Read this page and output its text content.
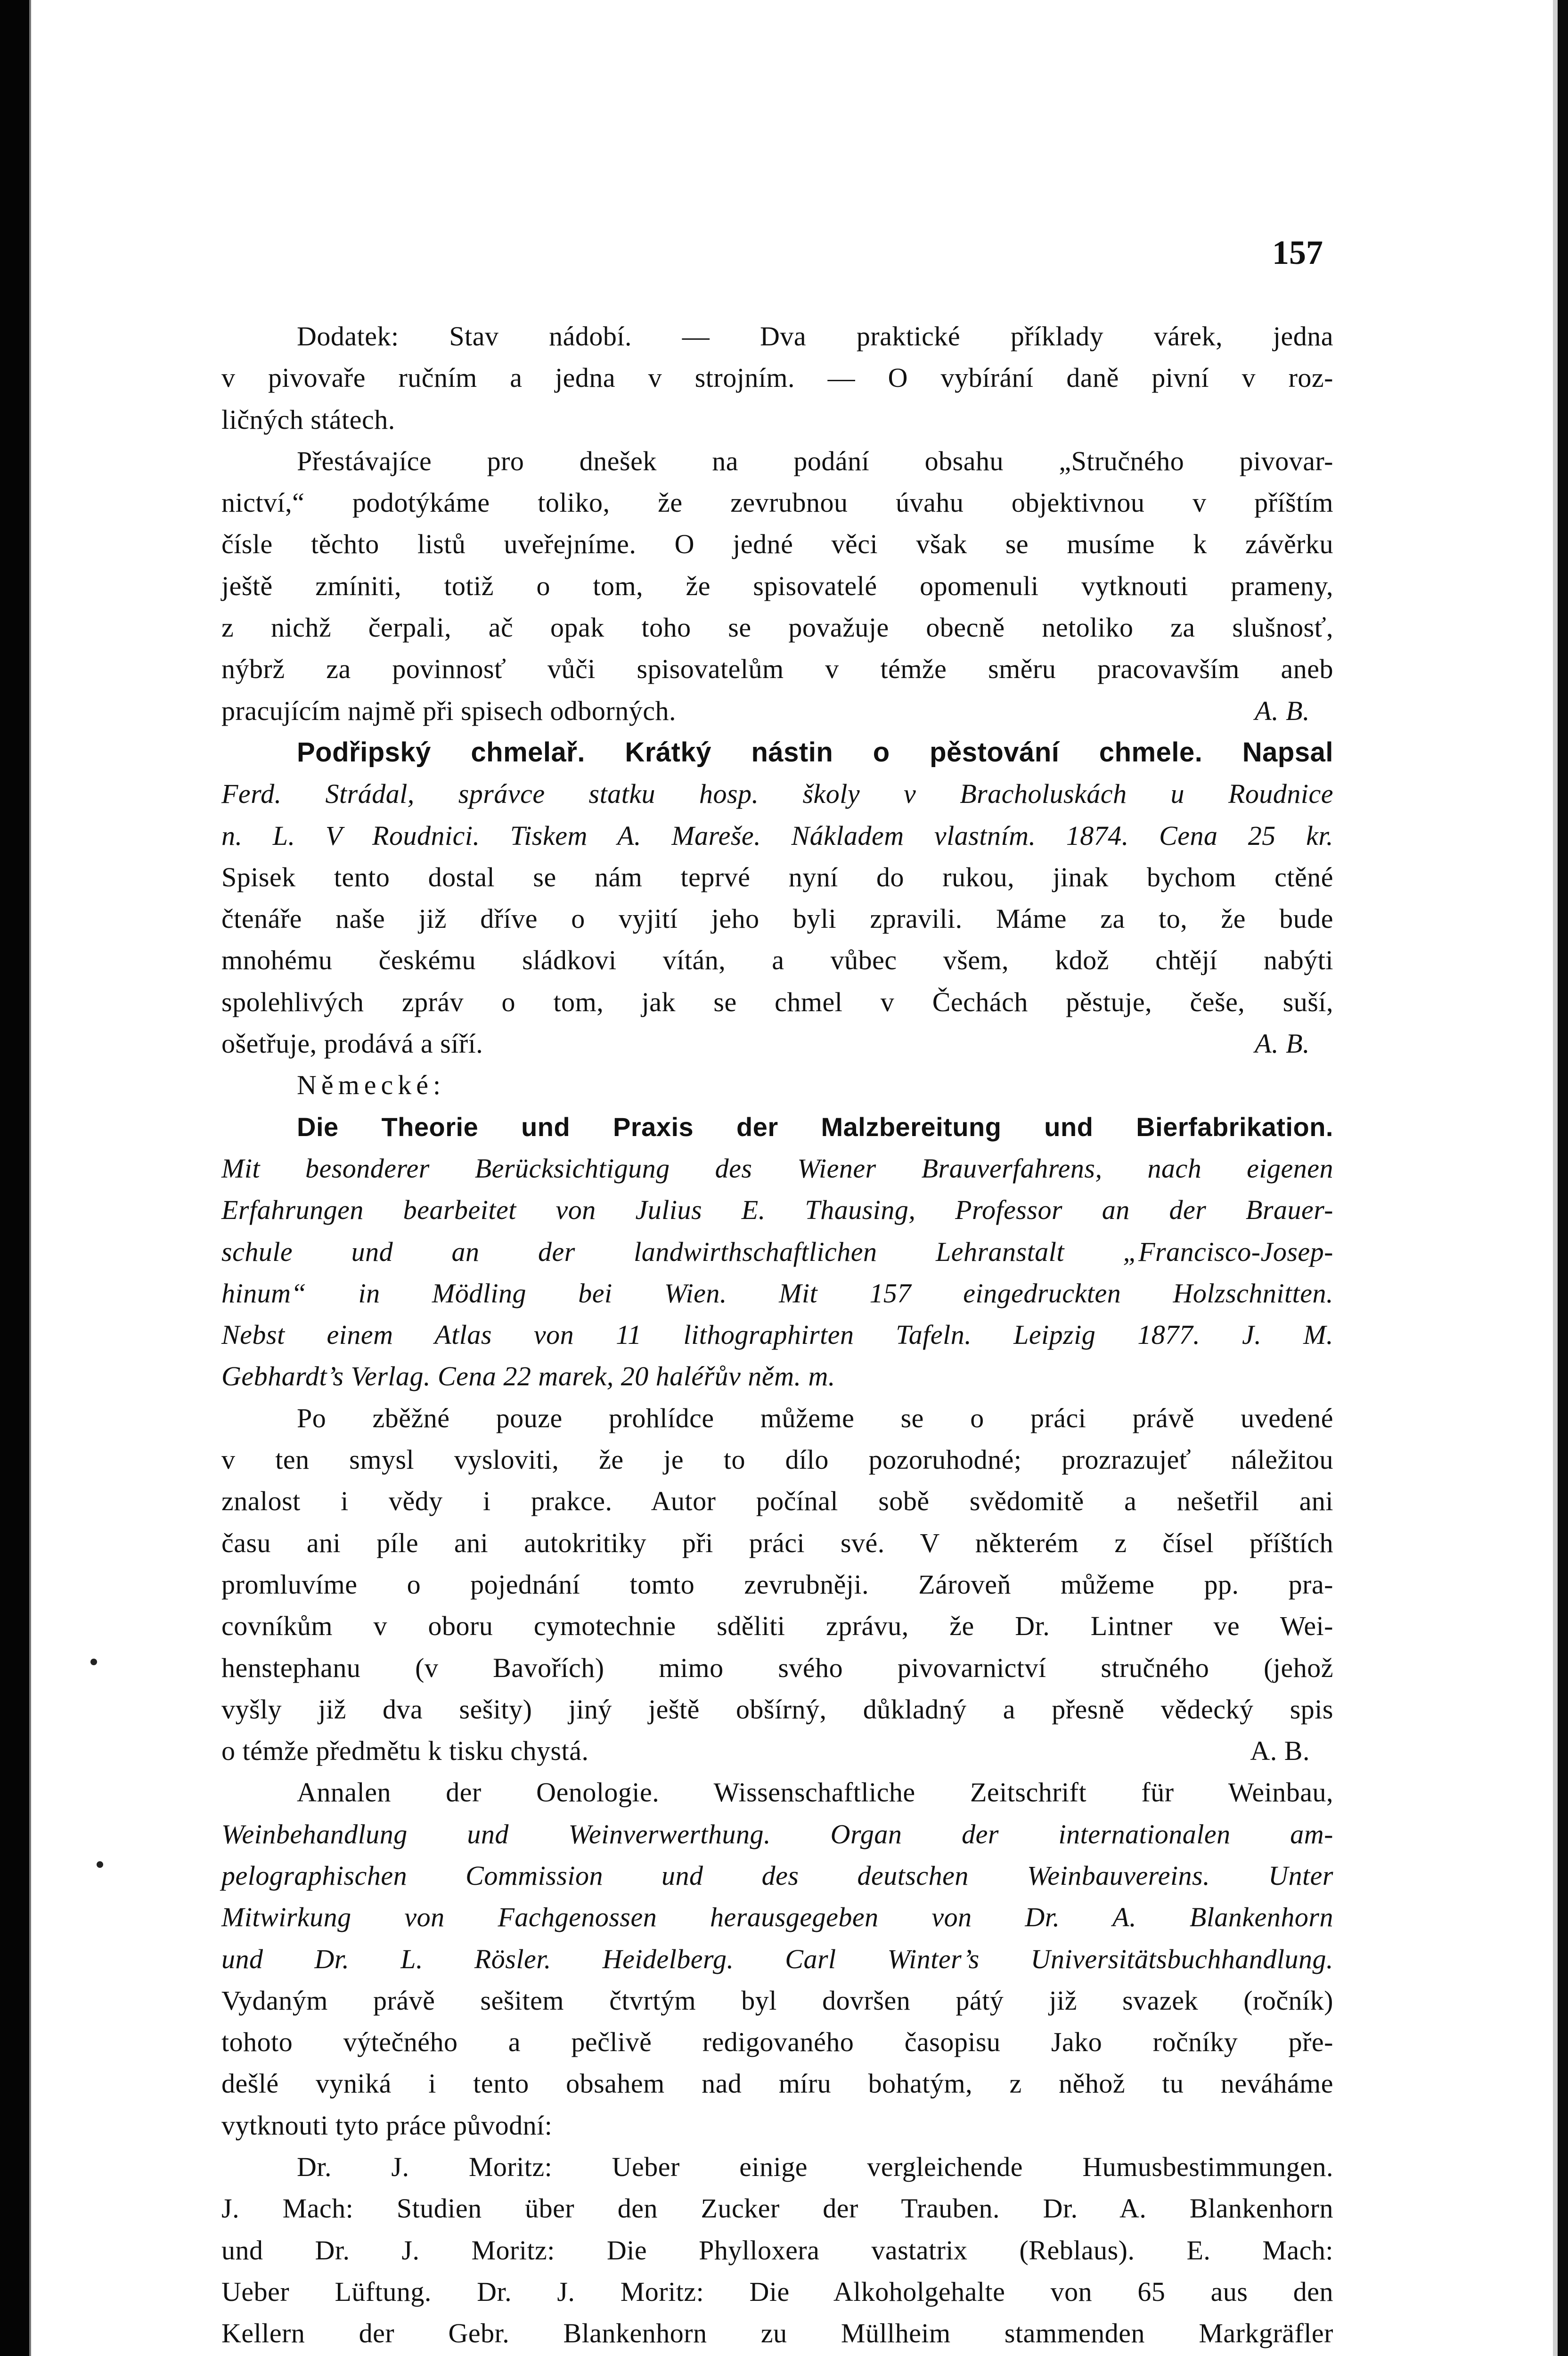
157

Dodatek: Stav nádobí. — Dva praktické příklady várek, jedna

v pivovaře ručním a jedna v strojním. — O vybírání daně pivní v roz-

ličných státech.

Přestávajíce pro dnešek na podání obsahu „Stručného pivovar-

nictví,“ podotýkáme toliko, že zevrubnou úvahu objektivnou v příštím

čísle těchto listů uveřejníme. O jedné věci však se musíme k závěrku

ještě zmíniti, totiž o tom, že spisovatelé opomenuli vytknouti prameny,

z nichž čerpali, ač opak toho se považuje obecně netoliko za slušnosť,

nýbrž za povinnosť vůči spisovatelům v témže směru pracovavším aneb

pracujícím najmě při spisech odborných.	A. B.

Podřipský chmelař. Krátký nástin o pěstování chmele. Napsal

Ferd. Strádal, správce statku hosp. školy v Bracholuskách u Roudnice

n. L. V Roudnici. Tiskem A. Mareše. Nákladem vlastním. 1874. Cena 25 kr.

Spisek tento dostal se nám teprvé nyní do rukou, jinak bychom ctěné

čtenáře naše již dříve o vyjití jeho byli zpravili. Máme za to, že bude

mnohému českému sládkovi vítán, a vůbec všem, kdož chtějí nabýti

spolehlivých zpráv o tom, jak se chmel v Čechách pěstuje, češe, suší,

ošetřuje, prodává a síří.	A. B.

Německé:

Die Theorie und Praxis der Malzbereitung und Bierfabrikation.

Mit besonderer Berücksichtigung des Wiener Brauverfahrens, nach eigenen

Erfahrungen bearbeitet von Julius E. Thausing, Professor an der Brauer-

schule und an der landwirthschaftlichen Lehranstalt „Francisco-Josep-

hinum“ in Mödling bei Wien. Mit 157 eingedruckten Holzschnitten.

Nebst einem Atlas von 11 lithographirten Tafeln. Leipzig 1877. J. M.

Gebhardt’s Verlag. Cena 22 marek, 20 haléřův něm. m.

Po zběžné pouze prohlídce můžeme se o práci právě uvedené

v ten smysl vysloviti, že je to dílo pozoruhodné; prozrazujeť náležitou

znalost i vědy i prakce. Autor počínal sobě svědomitě a nešetřil ani

času ani píle ani autokritiky při práci své. V některém z čísel příštích

promluvíme o pojednání tomto zevrubněji. Zároveň můžeme pp. pra-

covníkům v oboru cymotechnie sděliti zprávu, že Dr. Lintner ve Wei-

henstephanu (v Bavořích) mimo svého pivovarnictví stručného (jehož

vyšly již dva sešity) jiný ještě obšírný, důkladný a přesně vědecký spis

o témže předmětu k tisku chystá.	A. B.

Annalen der Oenologie. Wissenschaftliche Zeitschrift für Weinbau,

Weinbehandlung und Weinverwerthung. Organ der internationalen am-

pelographischen Commission und des deutschen Weinbauvereins. Unter

Mitwirkung von Fachgenossen herausgegeben von Dr. A. Blankenhorn

und Dr. L. Rösler. Heidelberg. Carl Winter’s Universitätsbuchhandlung.

Vydaným právě sešitem čtvrtým byl dovršen pátý již svazek (ročník)

tohoto výtečného a pečlivě redigovaného časopisu Jako ročníky pře-

dešlé vyniká i tento obsahem nad míru bohatým, z něhož tu neváháme

vytknouti tyto práce původní:

Dr. J. Moritz: Ueber einige vergleichende Humusbestimmungen.

J. Mach: Studien über den Zucker der Trauben. Dr. A. Blankenhorn

und Dr. J. Moritz: Die Phylloxera vastatrix (Reblaus). E. Mach:

Ueber Lüftung. Dr. J. Moritz: Die Alkoholgehalte von 65 aus den

Kellern der Gebr. Blankenhorn zu Müllheim stammenden Markgräfler
